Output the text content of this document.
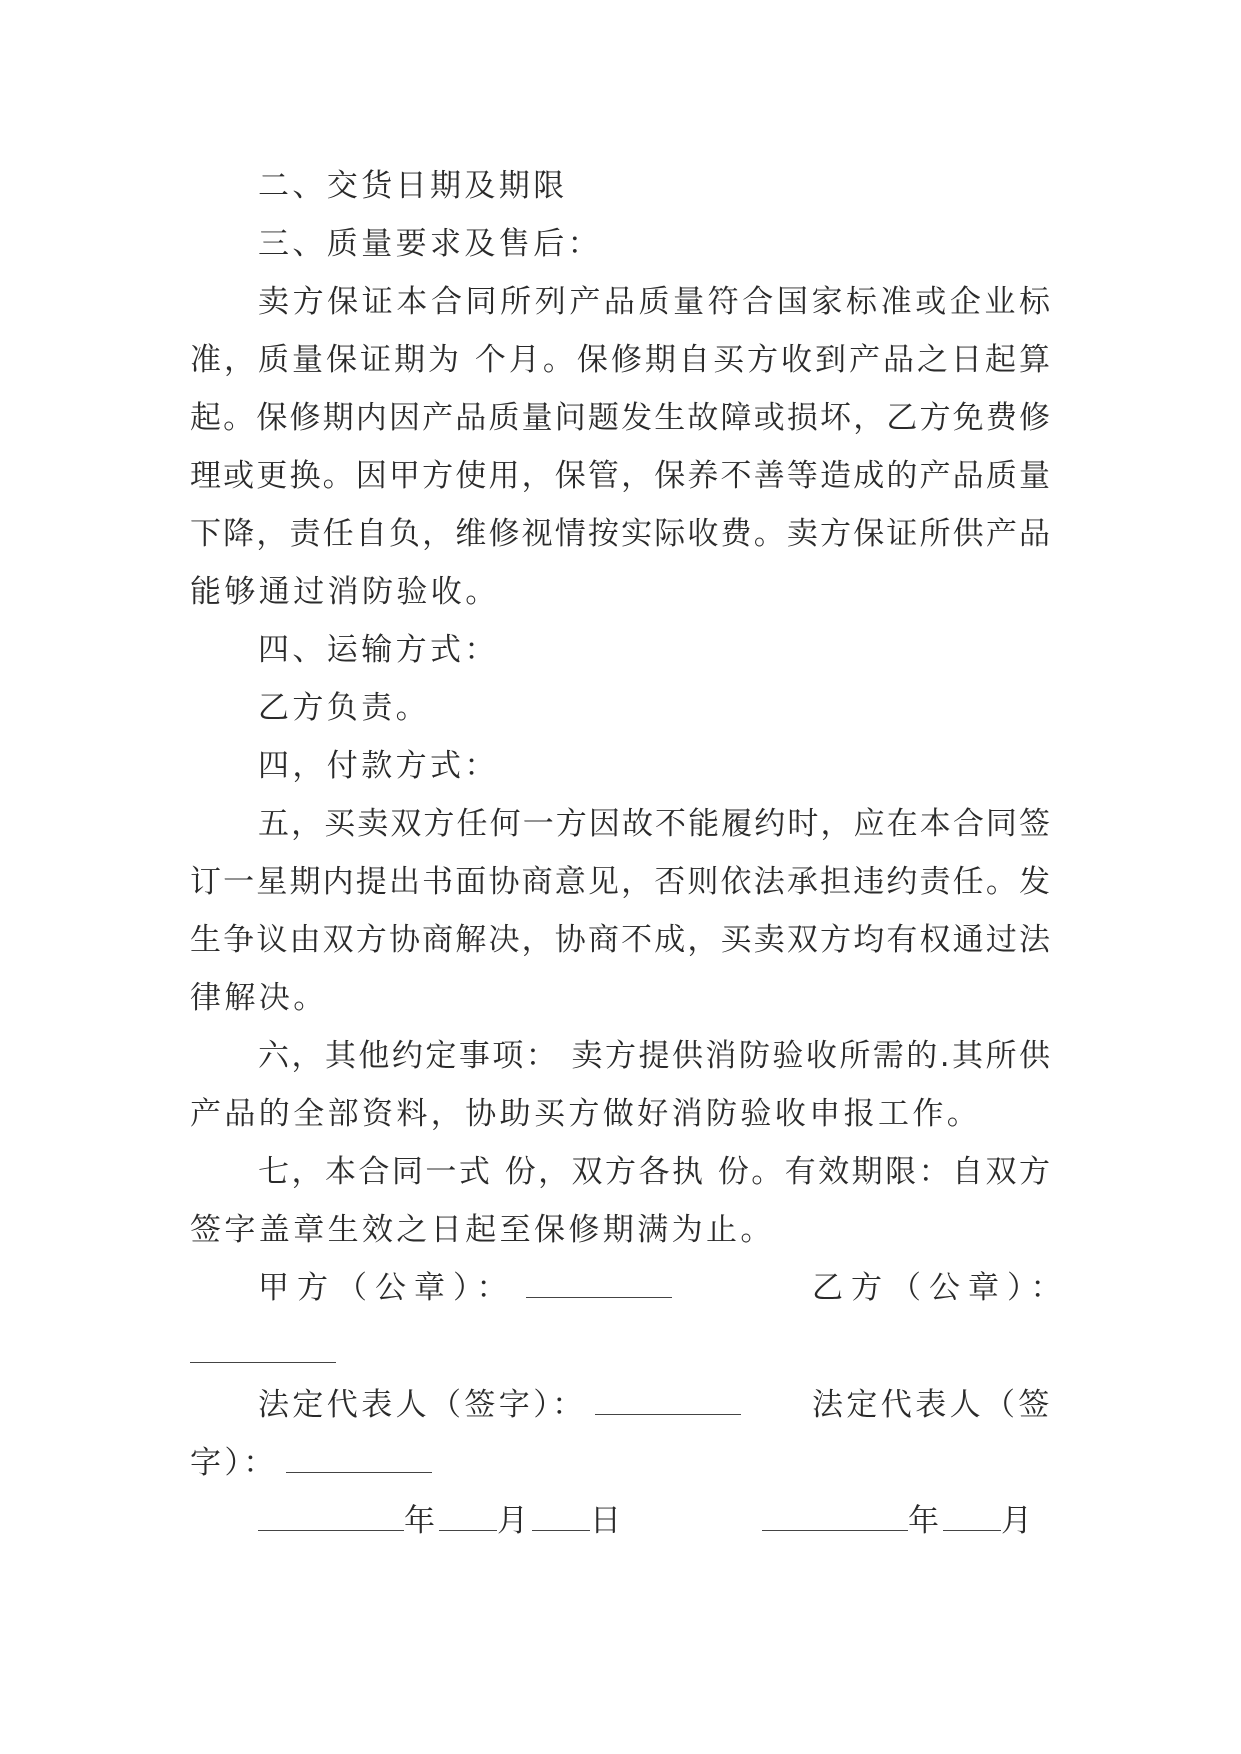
二、交货日期及期限
三、质量要求及售后：
卖方保证本合同所列产品质量符合国家标准或企业标
准，质量保证期为 个月。保修期自买方收到产品之日起算
起。保修期内因产品质量问题发生故障或损坏，乙方免费修
理或更换。因甲方使用，保管，保养不善等造成的产品质量
下降，责任自负，维修视情按实际收费。卖方保证所供产品
能够通过消防验收。
四、运输方式：
乙方负责。
四，付款方式：
五，买卖双方任何一方因故不能履约时，应在本合同签
订一星期内提出书面协商意见，否则依法承担违约责任。发
生争议由双方协商解决，协商不成，买卖双方均有权通过法
律解决。
六，其他约定事项： 卖方提供消防验收所需的.其所供
产品的全部资料，协助买方做好消防验收申报工作。
七，本合同一式 份，双方各执 份。有效期限：自双方
签字盖章生效之日起至保修期满为止。
甲方（公章）：	乙方（公章）：
法定代表人（签字）：	法定代表人（签
字）：
年 月 日	年 月
